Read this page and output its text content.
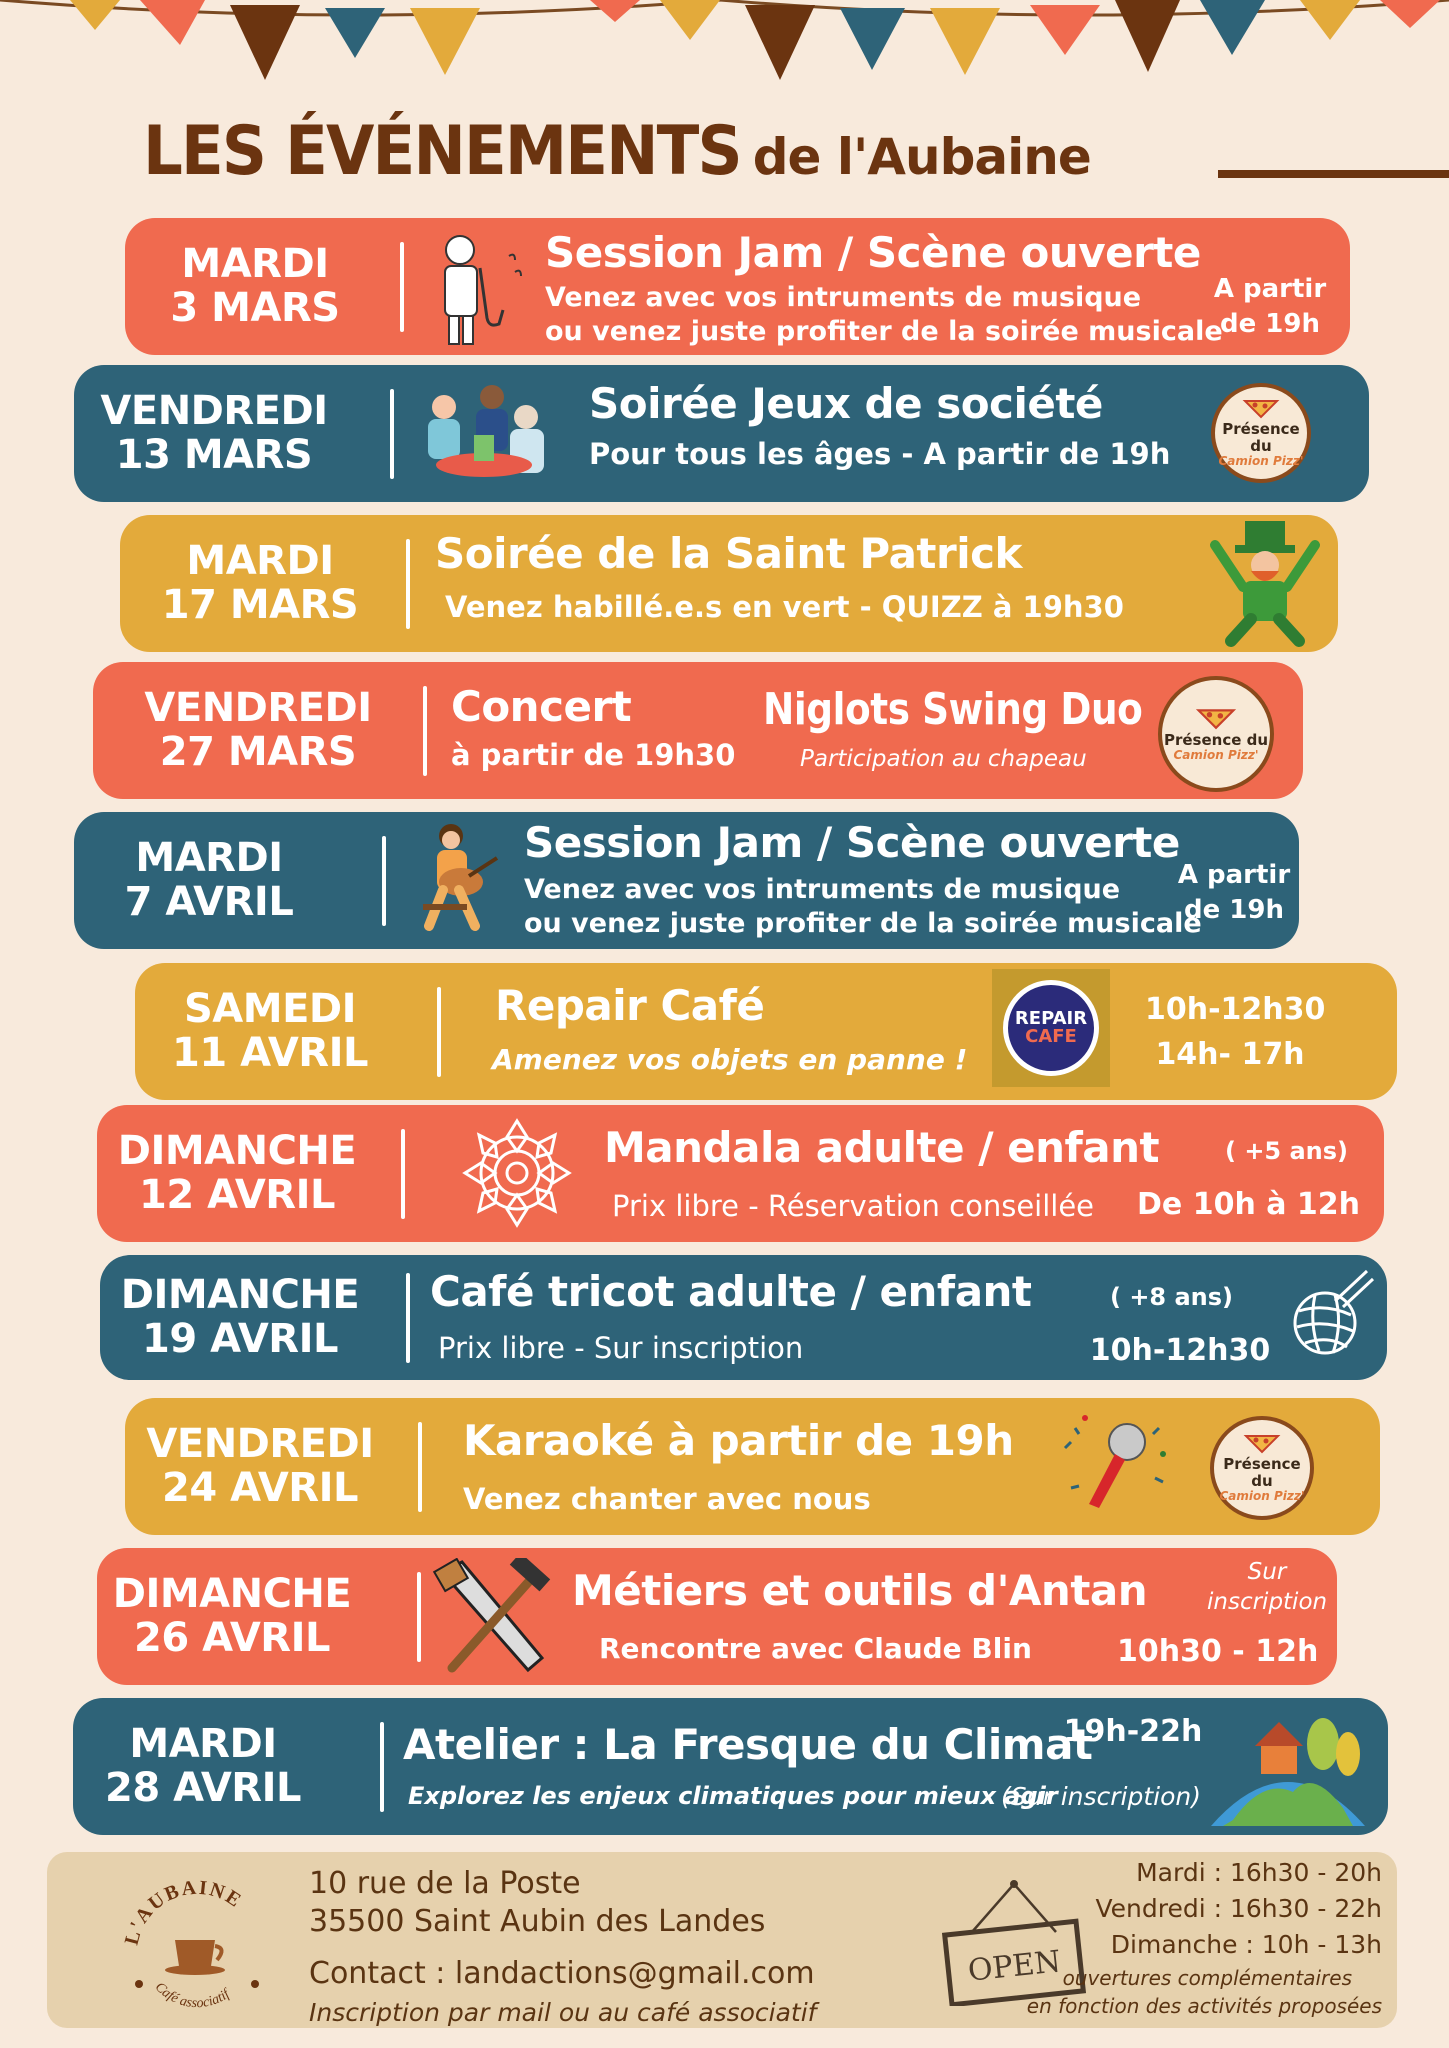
LES ÉVÉNEMENTS de l'Aubaine
MARDI
3 MARS
Session Jam / Scène ouverte
Venez avec vos intruments de musique
ou venez juste profiter de la soirée musicale
A partir
de 19h
VENDREDI
13 MARS
Soirée Jeux de société
Pour tous les âges - A partir de 19h
Présence du
Camion Pizz'
MARDI
17 MARS
Soirée de la Saint Patrick
Venez habillé.e.s en vert - QUIZZ à 19h30
VENDREDI
27 MARS
Concert
à partir de 19h30
Niglots Swing Duo
Participation au chapeau
Présence du
Camion Pizz'
MARDI
7 AVRIL
Session Jam / Scène ouverte
Venez avec vos intruments de musique
ou venez juste profiter de la soirée musicale
A partir
de 19h
SAMEDI
11 AVRIL
Repair Café
Amenez vos objets en panne !
REPAIR
CAFE
10h-12h30
14h- 17h
DIMANCHE
12 AVRIL
Mandala adulte / enfant	( +5 ans)
Prix libre - Réservation conseillée De 10h à 12h
DIMANCHE
19 AVRIL
Café tricot adulte / enfant	( +8 ans)
Prix libre - Sur inscription	10h-12h30
VENDREDI
24 AVRIL
Karaoké à partir de 19h
Venez chanter avec nous
Présence du
Camion Pizz'
DIMANCHE
26 AVRIL
Métiers et outils d'Antan
Rencontre avec Claude Blin
Sur
inscription
10h30 - 12h
MARDI
28 AVRIL
Atelier : La Fresque du Climat
19h-22h
Explorez les enjeux climatiques pour mieux agir
(Sur inscription)
L'AUBAINE
Café associatif
10 rue de la Poste
35500 Saint Aubin des Landes
Contact : landactions@gmail.com
Inscription par mail ou au café associatif
OPEN
Mardi : 16h30 - 20h
Vendredi : 16h30 - 22h
Dimanche : 10h - 13h
ouvertures complémentaires
en fonction des activités proposées
